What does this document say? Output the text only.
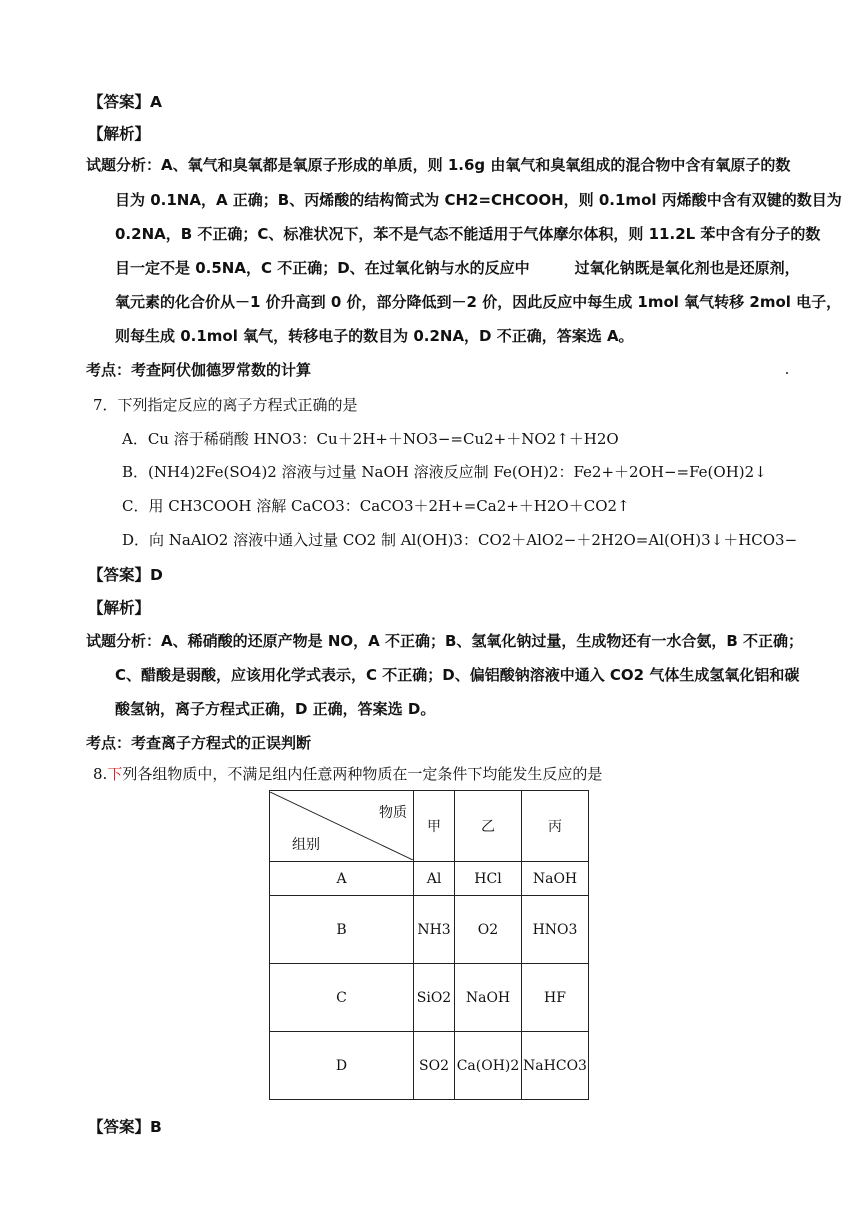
【答案】A
【解析】
试题分析：A、氧气和臭氧都是氧原子形成的单质，则 1.6g 由氧气和臭氧组成的混合物中含有氧原子的数
目为 0.1NA，A 正确；B、丙烯酸的结构简式为 CH2=CHCOOH，则 0.1mol 丙烯酸中含有双键的数目为
0.2NA，B 不正确；C、标准状况下，苯不是气态不能适用于气体摩尔体积，则 11.2L 苯中含有分子的数
目一定不是 0.5NA，C 不正确；D、在过氧化钠与水的反应中　　　过氧化钠既是氧化剂也是还原剂，
氧元素的化合价从－1 价升高到 0 价，部分降低到－2 价，因此反应中每生成 1mol 氧气转移 2mol 电子，
则每生成 0.1mol 氧气，转移电子的数目为 0.2NA，D 不正确，答案选 A。
考点：考查阿伏伽德罗常数的计算
7．下列指定反应的离子方程式正确的是
A．Cu 溶于稀硝酸 HNO3：Cu＋2H+＋NO3−=Cu2+＋NO2↑＋H2O
B．(NH4)2Fe(SO4)2 溶液与过量 NaOH 溶液反应制 Fe(OH)2：Fe2+＋2OH−=Fe(OH)2↓
C．用 CH3COOH 溶解 CaCO3：CaCO3＋2H+=Ca2+＋H2O＋CO2↑
D．向 NaAlO2 溶液中通入过量 CO2 制 Al(OH)3：CO2＋AlO2−＋2H2O=Al(OH)3↓＋HCO3−
【答案】D
【解析】
试题分析：A、稀硝酸的还原产物是 NO，A 不正确；B、氢氧化钠过量，生成物还有一水合氨，B 不正确；
C、醋酸是弱酸，应该用化学式表示，C 不正确；D、偏铝酸钠溶液中通入 CO2 气体生成氢氧化铝和碳
酸氢钠，离子方程式正确，D 正确，答案选 D。
考点：考查离子方程式的正误判断
8.下列各组物质中，不满足组内任意两种物质在一定条件下均能发生反应的是
物质
组别	甲	乙	丙
A	Al	HCl	NaOH
B	NH3	O2	HNO3
C	SiO2	NaOH	HF
D	SO2	Ca(OH)2	NaHCO3
【答案】B
